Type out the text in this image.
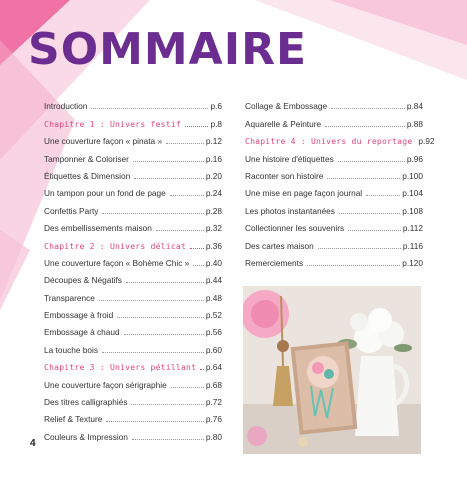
SOMMAIRE
Introduction	p.6
Chapitre 1 : Univers festif	p.8
Une couverture façon « pinata »	p.12
Tamponner & Coloriser	p.16
Étiquettes & Dimension	p.20
Un tampon pour un fond de page	p.24
Confettis Party	p.28
Des embellissements maison	p.32
Chapitre 2 : Univers délicat p.36
Une couverture façon « Bohème Chic » p.40
Découpes & Négatifs	p.44
Transparence	p.48
Embossage à froid	p.52
Embossage à chaud	p.56
La touche bois	p.60
Chapitre 3 : Univers pétillant p.64
Une couverture façon sérigraphie	p.68
Des titres calligraphiés	p.72
Relief & Texture	p.76
Couleurs & Impression	p.80
Collage & Embossage	p.84
Aquarelle & Peinture	p.88
Chapitre 4 : Univers du reportage p.92
Une histoire d'étiquettes	p.96
Raconter son histoire	p.100
Une mise en page façon journal	p.104
Les photos instantanées	p.108
Collectionner les souvenirs	p.112
Des cartes maison	p.116
Remerciements	p.120
4
